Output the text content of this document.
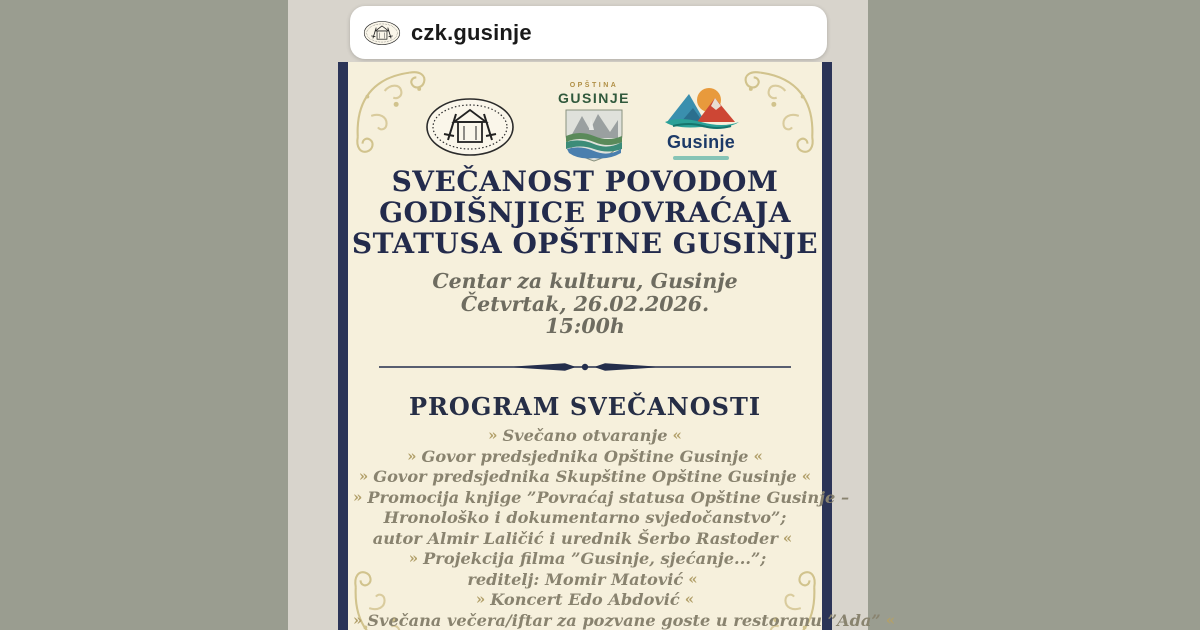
czk.gusinje
OPŠTINA
GUSINJE
Gusinje
SVEČANOST POVODOM
GODIŠNJICE POVRAĆAJA
STATUSA OPŠTINE GUSINJE
Centar za kulturu, Gusinje
Četvrtak, 26.02.2026.
15:00h
PROGRAM SVEČANOSTI
» Svečano otvaranje «
» Govor predsjednika Opštine Gusinje «
» Govor predsjednika Skupštine Opštine Gusinje «
» Promocija knjige ”Povraćaj statusa Opštine Gusinje –
Hronološko i dokumentarno svjedočanstvo”;
autor Almir Laličić i urednik Šerbo Rastoder «
» Projekcija filma ”Gusinje, sjećanje...”;
reditelj: Momir Matović «
» Koncert Edo Abdović «
» Svečana večera/iftar za pozvane goste u restoranu ”Ada” «
